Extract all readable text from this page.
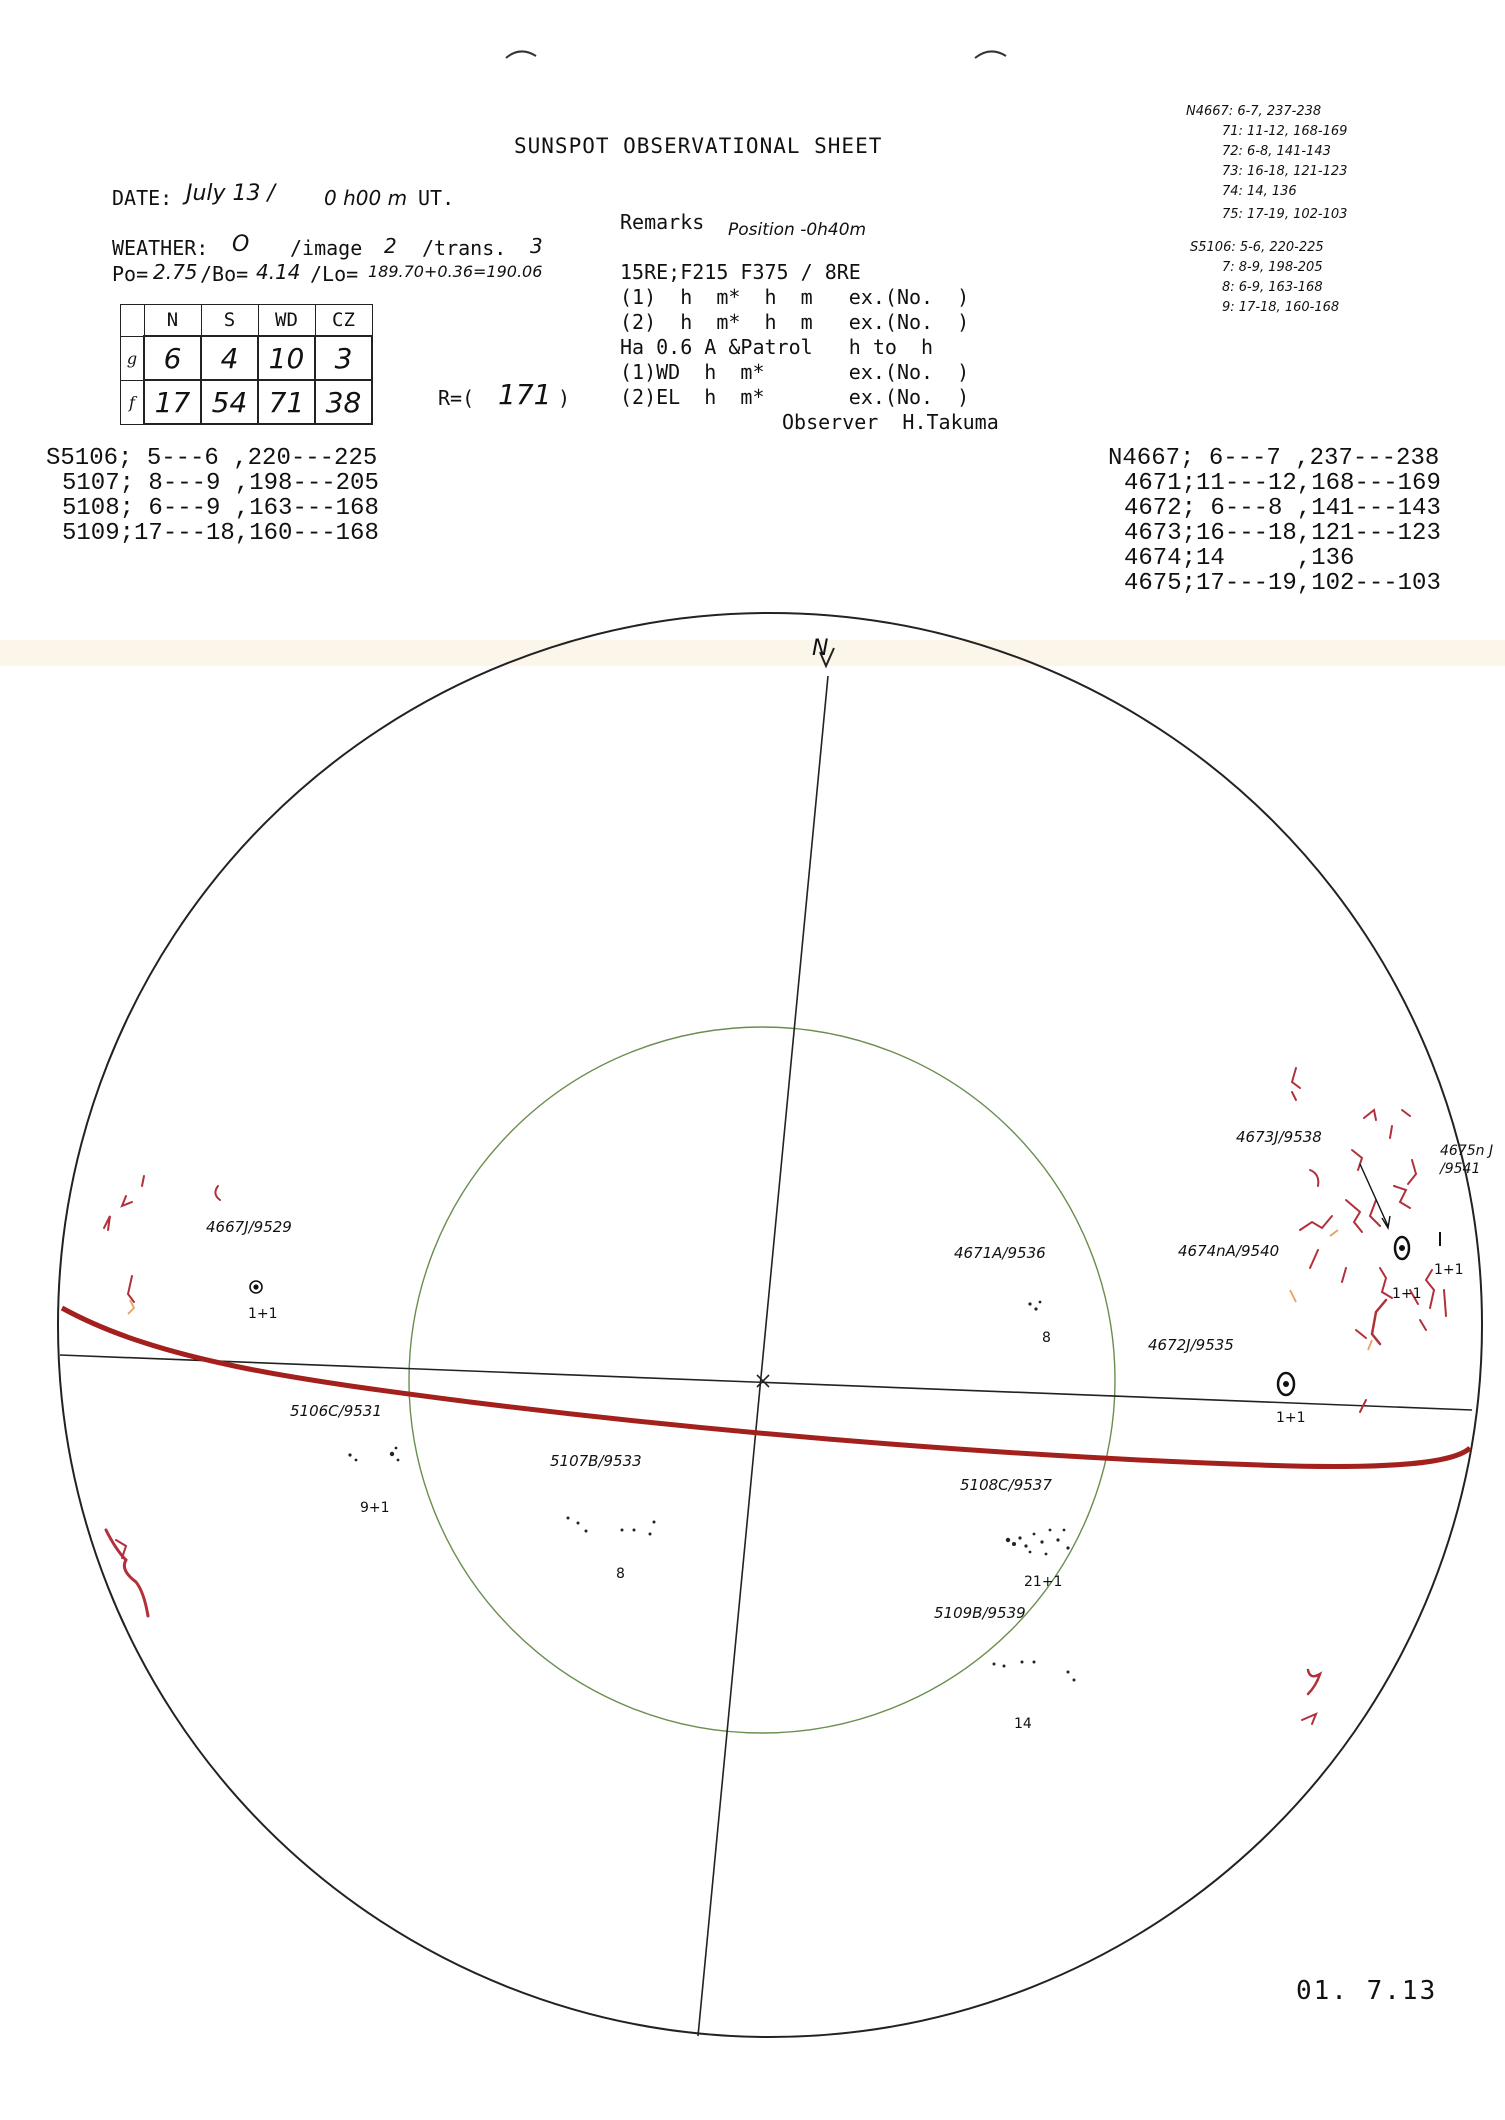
SUNSPOT OBSERVATIONAL SHEET
DATE: July 13 / 0 h00 m UT.
WEATHER: O /image 2 /trans. 3
Po= 2.75 /Bo= 4.14 /Lo= 189.70+0.36=190.06
	N	S	WD	CZ
g	6	4	10	3
f	17	54	71	38	R=( 171 )
Remarks Position -0h40m
15RE;F215 F375 / 8RE
(1)  h  m*  h  m   ex.(No.  )
(2)  h  m*  h  m   ex.(No.  )
Ha 0.6 A &Patrol   h to  h
(1)WD  h  m*       ex.(No.  )
(2)EL  h  m*       ex.(No.  )
Observer  H.Takuma
N4667: 6-7, 237-238
71: 11-12, 168-169
72: 6-8, 141-143
73: 16-18, 121-123
74: 14, 136
75: 17-19, 102-103
S5106: 5-6, 220-225
7: 8-9, 198-205
8: 6-9, 163-168
9: 17-18, 160-168
S5106; 5---6 ,220---225
5107; 8---9 ,198---205
5108; 6---9 ,163---168
5109;17---18,160---168
N4667; 6---7 ,237---238
4671;11---12,168---169
4672; 6---8 ,141---143
4673;16---18,121---123
4674;14     ,136
4675;17---19,102---103
N
4667J/9529
1+1
4671A/9536
8
4673J/9538
4675n J /9541
4674nA/9540
1+1
1+1
4672J/9535
1+1
5106C/9531
9+1
5107B/9533
8
5108C/9537
21+1
5109B/9539
14
01. 7.13
